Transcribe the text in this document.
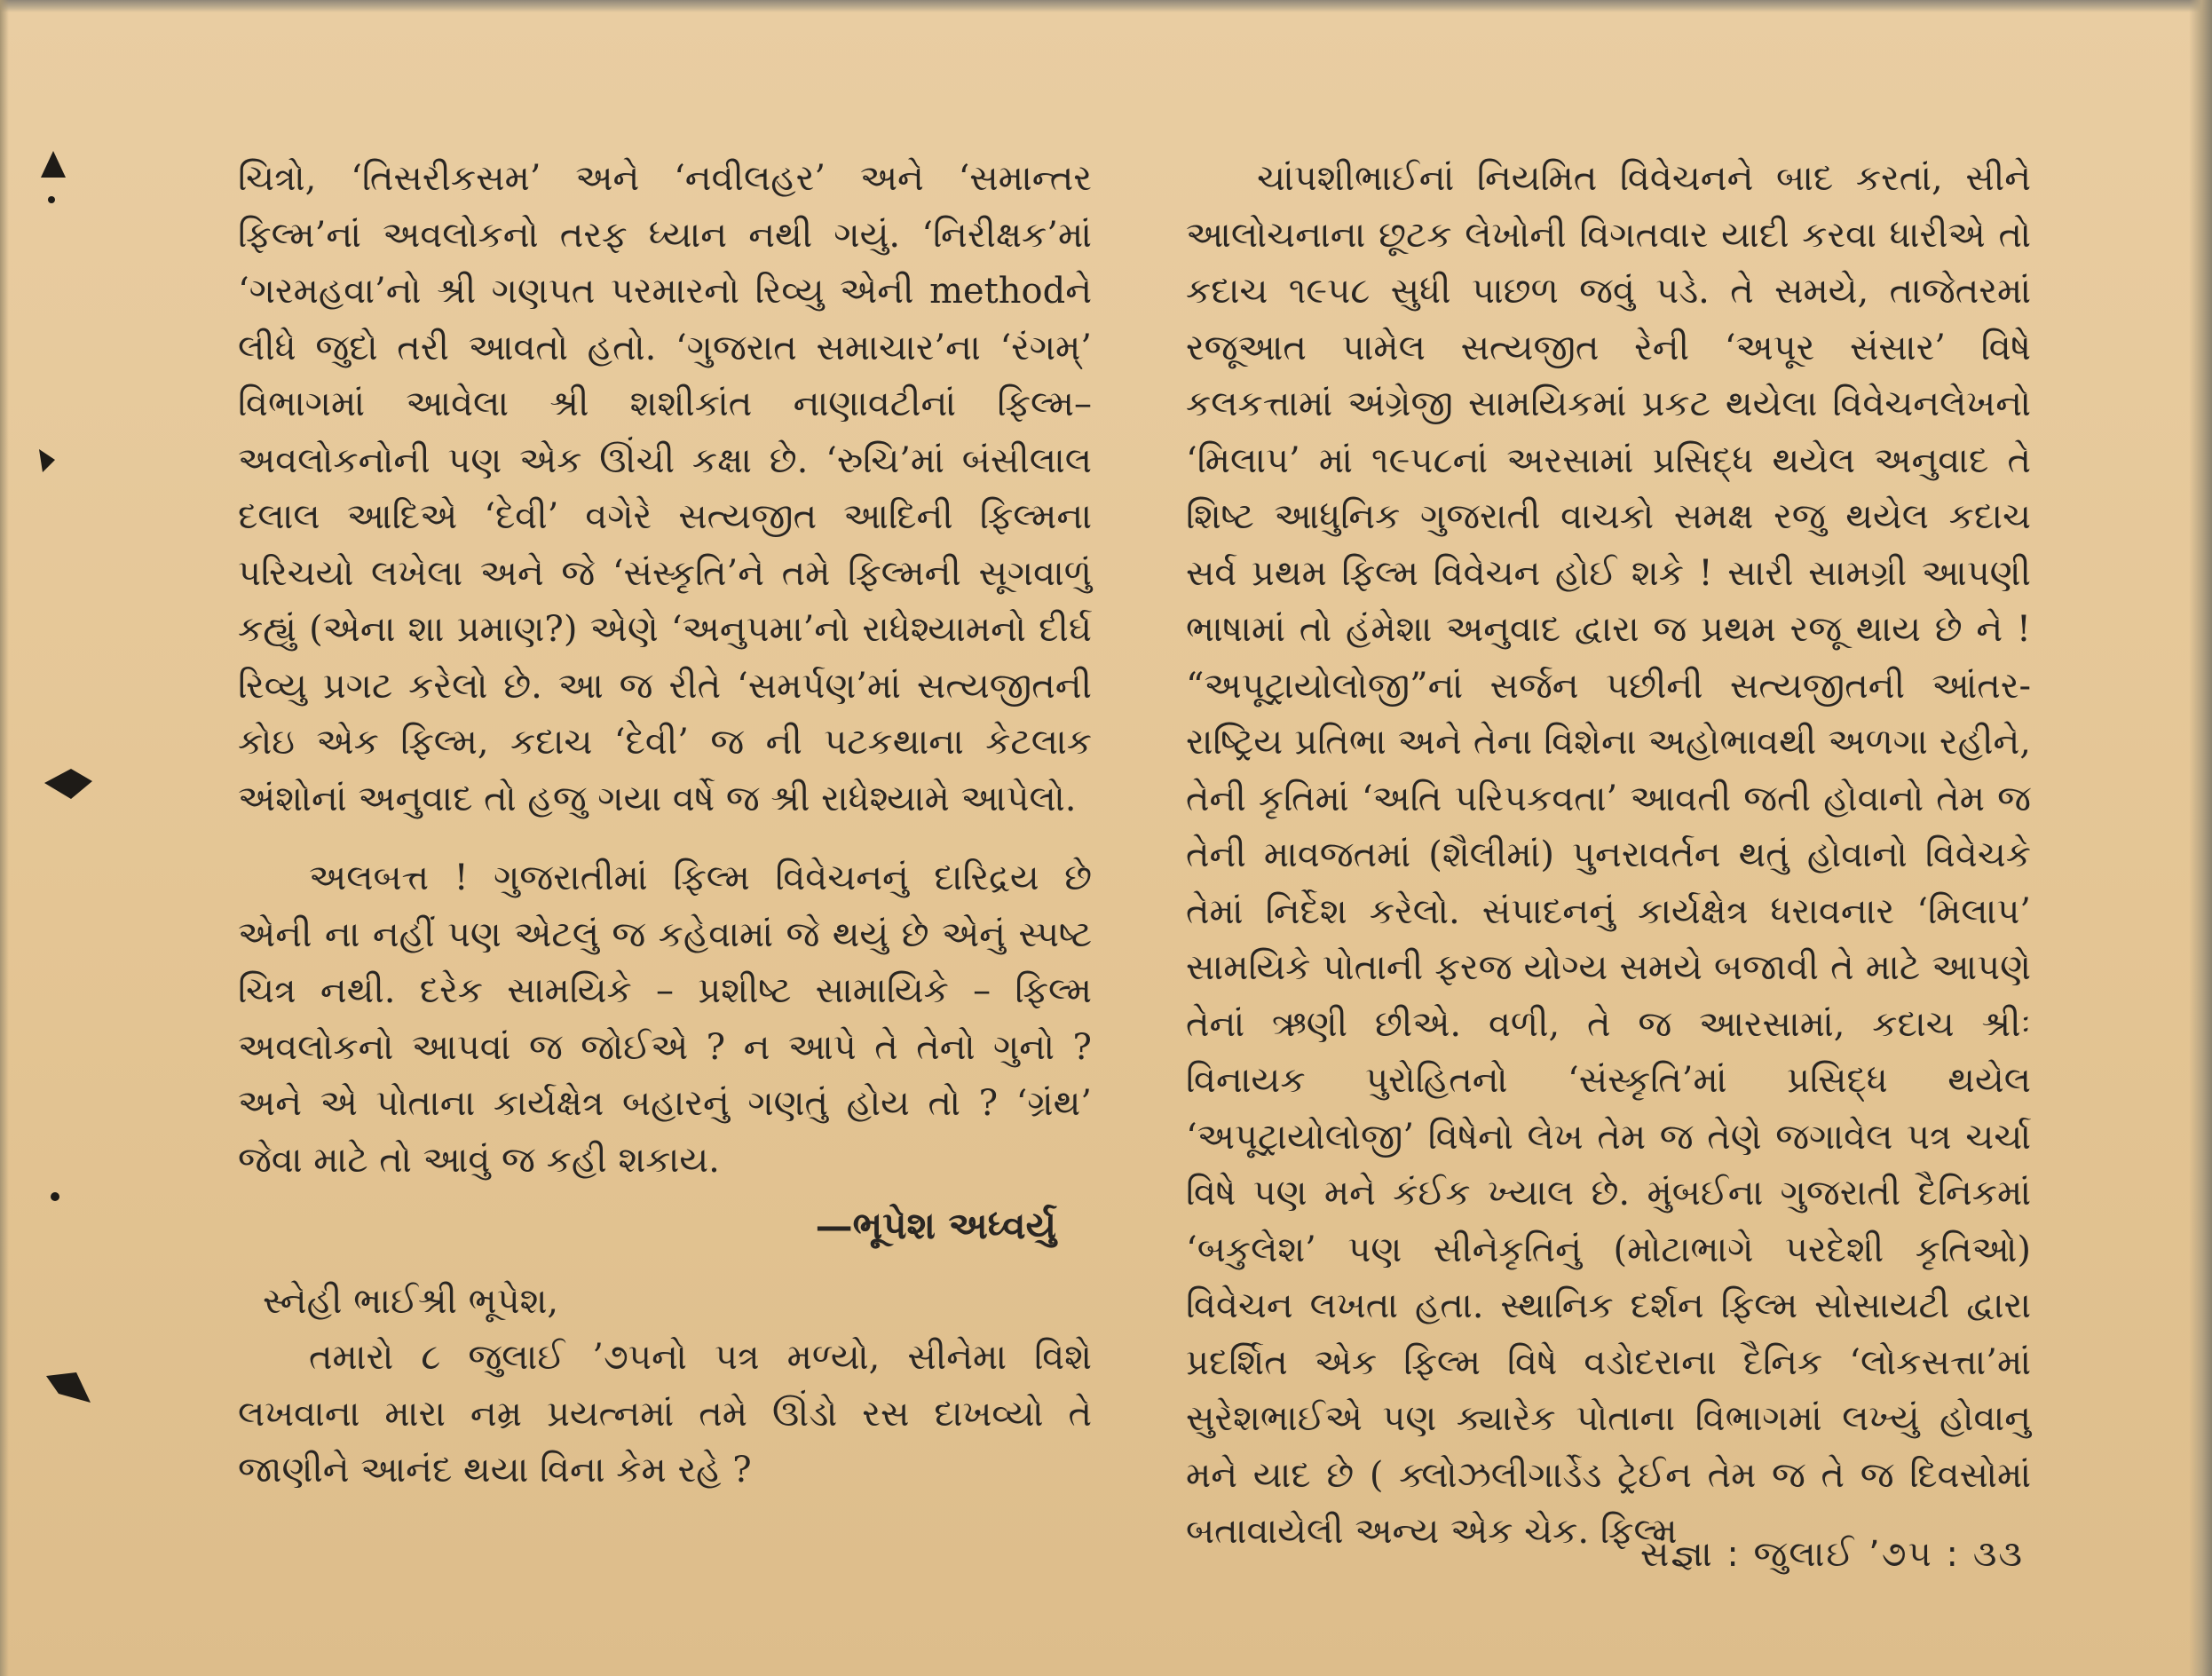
ચિત્રો, ‘તિસરીકસમ’ અને ‘નવીલહર’ અને ‘સમાન્તર ફિલ્મ’નાં અવલોકનો તરફ ધ્યાન નથી ગયું. ‘નિરીક્ષક’માં ‘ગરમહવા’નો શ્રી ગણપત પરમારનો રિવ્યુ એની methodને લીધે જુદો તરી આવતો હતો. ‘ગુજરાત સમાચાર’ના ‘રંગમ્’ વિભાગમાં આવેલા શ્રી શશીકાંત નાણાવટીનાં ફિલ્મ–અવલોકનોની પણ એક ઊંચી કક્ષા છે. ‘રુચિ’માં બંસીલાલ દલાલ આદિએ ‘દેવી’ વગેરે સત્યજીત આદિની ફિલ્મના પરિચયો લખેલા અને જે ‘સંસ્કૃતિ’ને તમે ફિલ્મની સૂગવાળું કહ્યું (એના શા પ્રમાણ?) એણે ‘અનુપમા’નો રાધેશ્યામનો દીર્ઘ રિવ્યુ પ્રગટ કરેલો છે. આ જ રીતે ‘સમર્પણ’માં સત્યજીતની કોઇ એક ફિલ્મ, કદાચ ‘દેવી’ જ ની પટકથાના કેટલાક અંશોનાં અનુવાદ તો હજુ ગયા વર્ષે જ શ્રી રાધેશ્યામે આપેલો.

અલબત્ત ! ગુજરાતીમાં ફિલ્મ વિવેચનનું દારિદ્રય છે એની ના નહીં પણ એટલું જ કહેવામાં જે થયું છે એનું સ્પષ્ટ ચિત્ર નથી. દરેક સામયિકે – પ્રશીષ્ટ સામાયિકે – ફિલ્મ અવલોકનો આપવાં જ જોઈએ ? ન આપે તે તેનો ગુનો ? અને એ પોતાના કાર્યક્ષેત્ર બહારનું ગણતું હોય તો ? ‘ગ્રંથ’ જેવા માટે તો આવું જ કહી શકાય.

—ભૂપેશ અધ્વર્યુ

સ્નેહી ભાઈશ્રી ભૂપેશ,

તમારો ૮ જુલાઈ ’૭૫નો પત્ર મળ્યો, સીનેમા વિશે લખવાના મારા નમ્ર પ્રયત્નમાં તમે ઊંડો રસ દાખવ્યો તે જાણીને આનંદ થયા વિના કેમ રહે ?

ચાંપશીભાઈનાં નિયમિત વિવેચનને બાદ કરતાં, સીને આલોચનાના છૂટક લેખોની વિગતવાર યાદી કરવા ધારીએ તો કદાચ ૧૯૫૮ સુધી પાછળ જવું પડે. તે સમયે, તાજેતરમાં રજૂઆત પામેલ સત્યજીત રેની ‘અપૂર સંસાર’ વિષે કલકત્તામાં અંગ્રેજી સામયિકમાં પ્રકટ થયેલા વિવેચનલેખનો ‘મિલાપ’ માં ૧૯૫૮નાં અરસામાં પ્રસિદ્ધ થયેલ અનુવાદ તે શિષ્ટ આધુનિક ગુજરાતી વાચકો સમક્ષ રજુ થયેલ કદાચ સર્વ પ્રથમ ફિલ્મ વિવેચન હોઈ શકે ! સારી સામગ્રી આપણી ભાષામાં તો હંમેશા અનુવાદ દ્વારા જ પ્રથમ રજૂ થાય છે ને ! “અપૂટ્રાયોલોજી”નાં સર્જન પછીની સત્યજીતની આંતર-રાષ્ટ્રિય પ્રતિભા અને તેના વિશેના અહોભાવથી અળગા રહીને, તેની કૃતિમાં ‘અતિ પરિપકવતા’ આવતી જતી હોવાનો તેમ જ તેની માવજતમાં (શૈલીમાં) પુનરાવર્તન થતું હોવાનો વિવેચકે તેમાં નિર્દેશ કરેલો. સંપાદનનું કાર્યક્ષેત્ર ધરાવનાર ‘મિલાપ’ સામયિકે પોતાની ફરજ યોગ્ય સમયે બજાવી તે માટે આપણે તેનાં ઋણી છીએ. વળી, તે જ આરસામાં, કદાચ શ્રીઃ વિનાયક પુરોહિતનો ‘સંસ્કૃતિ’માં પ્રસિદ્ધ થયેલ ‘અપૂટ્રાયોલોજી’ વિષેનો લેખ તેમ જ તેણે જગાવેલ પત્ર ચર્ચા વિષે પણ મને કંઈક ખ્યાલ છે. મુંબઈના ગુજરાતી દૈનિકમાં ‘બકુલેશ’ પણ સીનેકૃતિનું (મોટાભાગે પરદેશી કૃતિઓ) વિવેચન લખતા હતા. સ્થાનિક દર્શન ફિલ્મ સોસાયટી દ્વારા પ્રદર્શિત એક ફિલ્મ વિષે વડોદરાના દૈનિક ‘લોકસત્તા’માં સુરેશભાઈએ પણ ક્યારેક પોતાના વિભાગમાં લખ્યું હોવાનુ મને યાદ છે ( ક્લોઝલીગાર્ડેડ ટ્રેઈન તેમ જ તે જ દિવસોમાં બતાવાયેલી અન્ય એક ચેક. ફિલ્મ

સંજ્ઞા : જુલાઈ ’૭૫ : ૩૩
